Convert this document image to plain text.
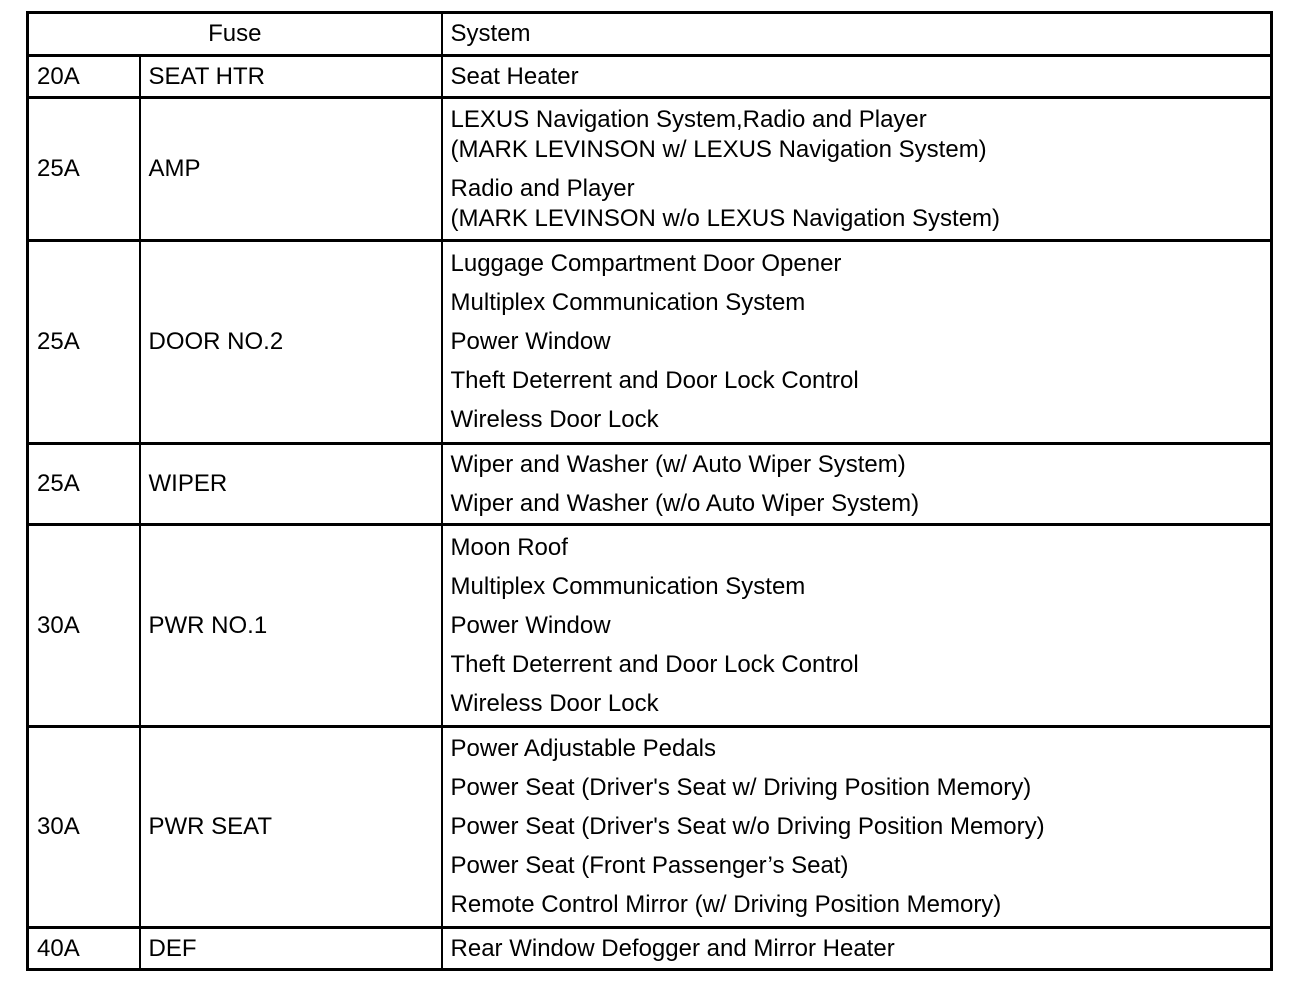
Fuse		System
20A	SEAT HTR	Seat Heater

25A	AMP	LEXUS Navigation System,Radio and Player
(MARK LEVINSON w/ LEXUS Navigation System)
Radio and Player
(MARK LEVINSON w/o LEXUS Navigation System)

25A	DOOR NO.2	Luggage Compartment Door Opener
Multiplex Communication System
Power Window
Theft Deterrent and Door Lock Control
Wireless Door Lock

25A	WIPER	Wiper and Washer (w/ Auto Wiper System)
Wiper and Washer (w/o Auto Wiper System)

30A	PWR NO.1	Moon Roof
Multiplex Communication System
Power Window
Theft Deterrent and Door Lock Control
Wireless Door Lock

30A	PWR SEAT	Power Adjustable Pedals
Power Seat (Driver's Seat w/ Driving Position Memory)
Power Seat (Driver's Seat w/o Driving Position Memory)
Power Seat (Front Passenger’s Seat)
Remote Control Mirror (w/ Driving Position Memory)

40A	DEF	Rear Window Defogger and Mirror Heater
